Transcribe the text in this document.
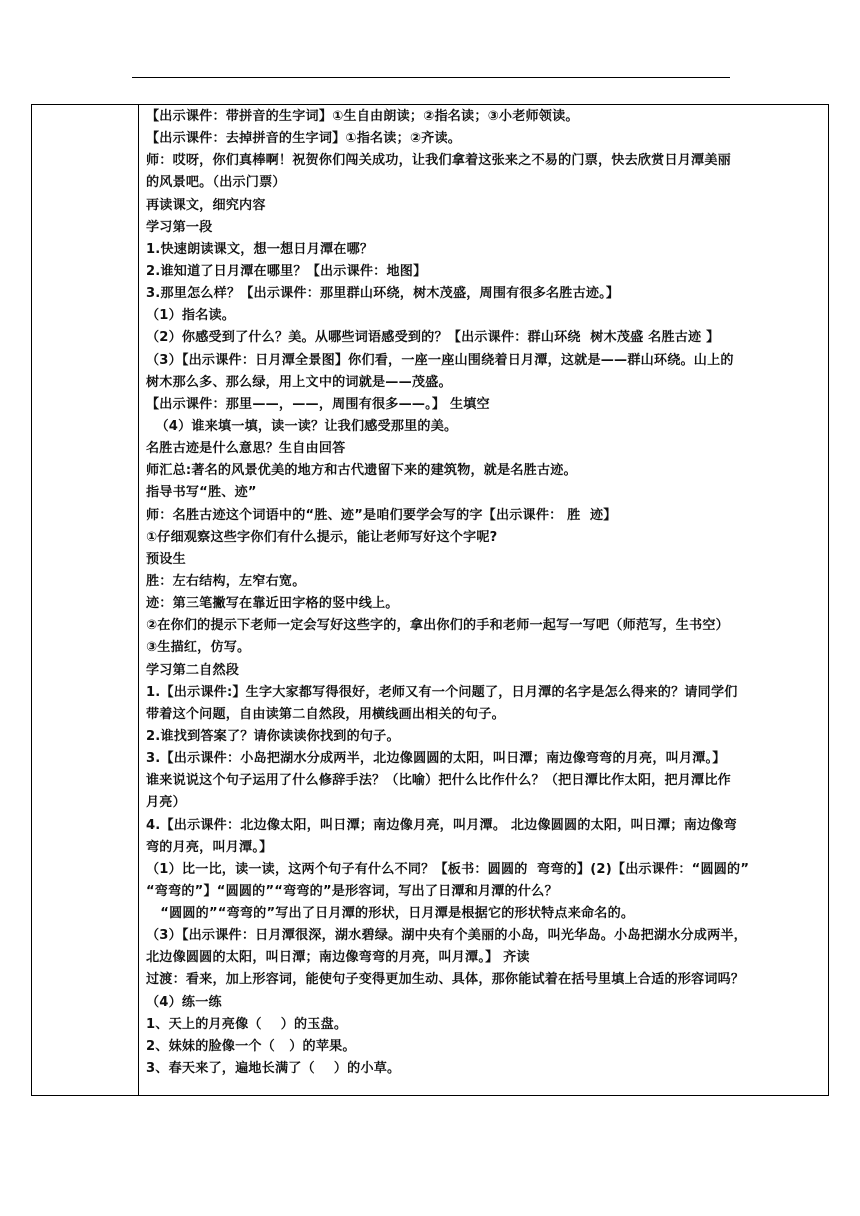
【出示课件：带拼音的生字词】①生自由朗读；②指名读；③小老师领读。
【出示课件：去掉拼音的生字词】①指名读；②齐读。
师：哎呀，你们真棒啊！祝贺你们闯关成功，让我们拿着这张来之不易的门票，快去欣赏日月潭美丽
的风景吧。（出示门票）
再读课文，细究内容
学习第一段
1.快速朗读课文，想一想日月潭在哪？
2.谁知道了日月潭在哪里？【出示课件：地图】
3.那里怎么样？【出示课件：那里群山环绕，树木茂盛，周围有很多名胜古迹。】
（1）指名读。
（2）你感受到了什么？美。从哪些词语感受到的？【出示课件：群山环绕  树木茂盛 名胜古迹 】
（3）【出示课件：日月潭全景图】你们看，一座一座山围绕着日月潭，这就是——群山环绕。山上的
树木那么多、那么绿，用上文中的词就是——茂盛。
【出示课件：那里——，——，周围有很多——。】 生填空
（4）谁来填一填，读一读？让我们感受那里的美。
名胜古迹是什么意思？生自由回答
师汇总:著名的风景优美的地方和古代遗留下来的建筑物，就是名胜古迹。
指导书写“胜、迹”
师：名胜古迹这个词语中的“胜、迹”是咱们要学会写的字【出示课件： 胜  迹】
①仔细观察这些字你们有什么提示，能让老师写好这个字呢?
预设生
胜：左右结构，左窄右宽。
迹：第三笔撇写在靠近田字格的竖中线上。
②在你们的提示下老师一定会写好这些字的，拿出你们的手和老师一起写一写吧（师范写，生书空）
③生描红，仿写。
学习第二自然段
1.【出示课件:】生字大家都写得很好，老师又有一个问题了，日月潭的名字是怎么得来的？请同学们
带着这个问题，自由读第二自然段，用横线画出相关的句子。
2.谁找到答案了？请你读读你找到的句子。
3.【出示课件：小岛把湖水分成两半，北边像圆圆的太阳，叫日潭；南边像弯弯的月亮，叫月潭。】
谁来说说这个句子运用了什么修辞手法？（比喻）把什么比作什么？（把日潭比作太阳，把月潭比作
月亮）
4.【出示课件：北边像太阳，叫日潭；南边像月亮，叫月潭。 北边像圆圆的太阳，叫日潭；南边像弯
弯的月亮，叫月潭。】
（1）比一比，读一读，这两个句子有什么不同？【板书：圆圆的  弯弯的】(2)【出示课件：“圆圆的”
“弯弯的”】“圆圆的”“弯弯的”是形容词，写出了日潭和月潭的什么？
“圆圆的”“弯弯的”写出了日月潭的形状，日月潭是根据它的形状特点来命名的。
（3）【出示课件：日月潭很深，湖水碧绿。湖中央有个美丽的小岛，叫光华岛。小岛把湖水分成两半，
北边像圆圆的太阳，叫日潭；南边像弯弯的月亮，叫月潭。】 齐读
过渡：看来，加上形容词，能使句子变得更加生动、具体，那你能试着在括号里填上合适的形容词吗？
（4）练一练
1、天上的月亮像（    ）的玉盘。
2、妹妹的脸像一个（   ）的苹果。
3、春天来了，遍地长满了（    ）的小草。
